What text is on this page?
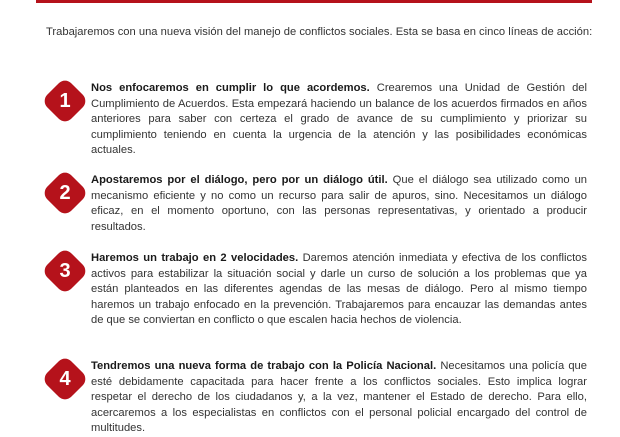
Trabajaremos con una nueva visión del manejo de conflictos sociales. Esta se basa en cinco líneas de acción:
1
Nos enfocaremos en cumplir lo que acordemos. Crearemos una Unidad de Gestión del Cumplimiento de Acuerdos. Esta empezará haciendo un balance de los acuerdos firmados en años anteriores para saber con certeza el grado de avance de su cumplimiento y priorizar su cumplimiento teniendo en cuenta la urgencia de la atención y las posibilidades económicas actuales.
2
Apostaremos por el diálogo, pero por un diálogo útil. Que el diálogo sea utilizado como un mecanismo eficiente y no como un recurso para salir de apuros, sino. Necesitamos un diálogo eficaz, en el momento oportuno, con las personas representativas, y orientado a producir resultados.
3
Haremos un trabajo en 2 velocidades. Daremos atención inmediata y efectiva de los conflictos activos para estabilizar la situación social y darle un curso de solución a los problemas que ya están planteados en las diferentes agendas de las mesas de diálogo. Pero al mismo tiempo haremos un trabajo enfocado en la prevención. Trabajaremos para encauzar las demandas antes de que se conviertan en conflicto o que escalen hacia hechos de violencia.
4
Tendremos una nueva forma de trabajo con la Policía Nacional. Necesitamos una policía que esté debidamente capacitada para hacer frente a los conflictos sociales. Esto implica lograr respetar el derecho de los ciudadanos y, a la vez, mantener el Estado de derecho. Para ello, acercaremos a los especialistas en conflictos con el personal policial encargado del control de multitudes.
